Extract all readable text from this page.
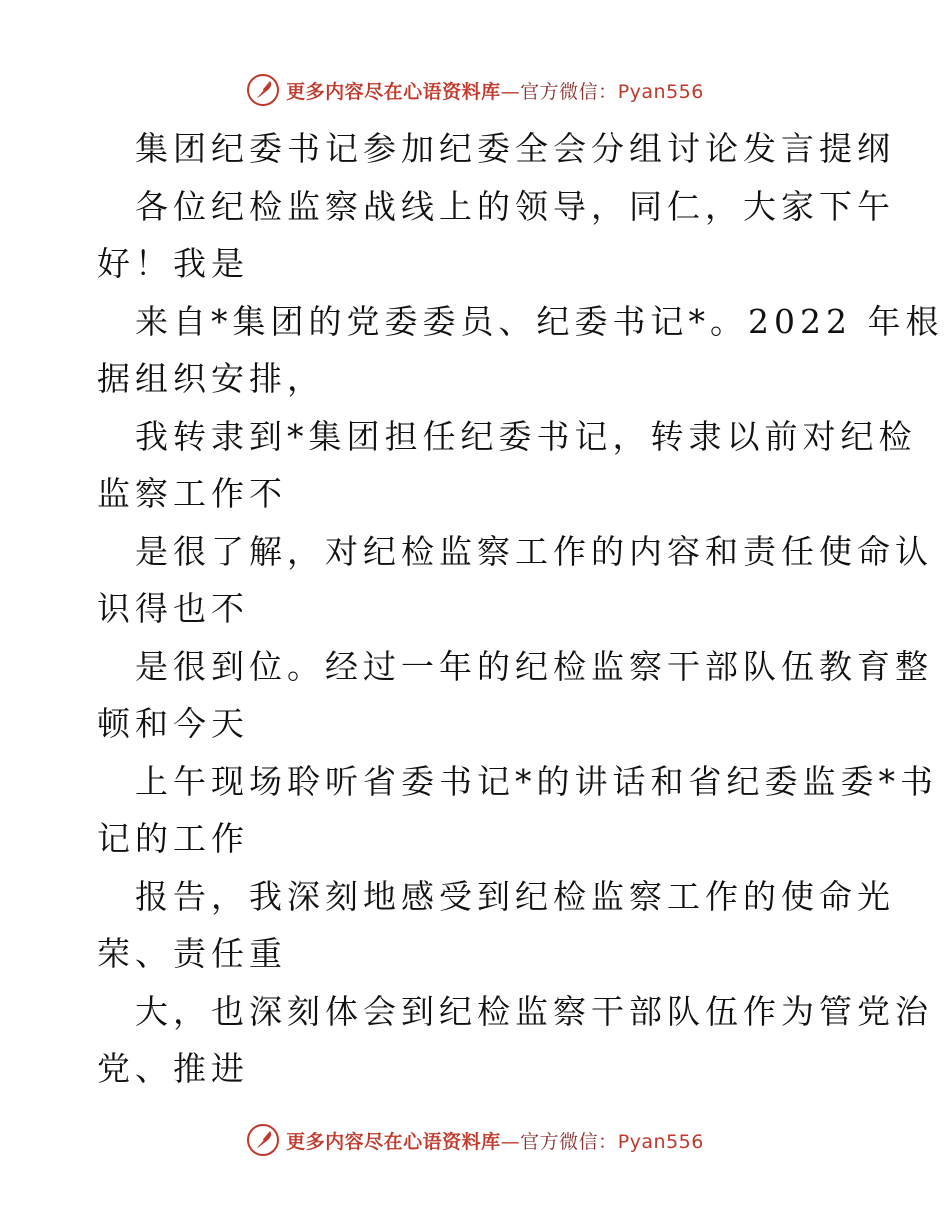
更多内容尽在心语资料库—官方微信：Pyan556
集团纪委书记参加纪委全会分组讨论发言提纲
各位纪检监察战线上的领导，同仁，大家下午
好！我是
来自*集团的党委委员、纪委书记*。2022 年根
据组织安排，
我转隶到*集团担任纪委书记，转隶以前对纪检
监察工作不
是很了解，对纪检监察工作的内容和责任使命认
识得也不
是很到位。经过一年的纪检监察干部队伍教育整
顿和今天
上午现场聆听省委书记*的讲话和省纪委监委*书
记的工作
报告，我深刻地感受到纪检监察工作的使命光
荣、责任重
大，也深刻体会到纪检监察干部队伍作为管党治
党、推进
更多内容尽在心语资料库—官方微信：Pyan556
